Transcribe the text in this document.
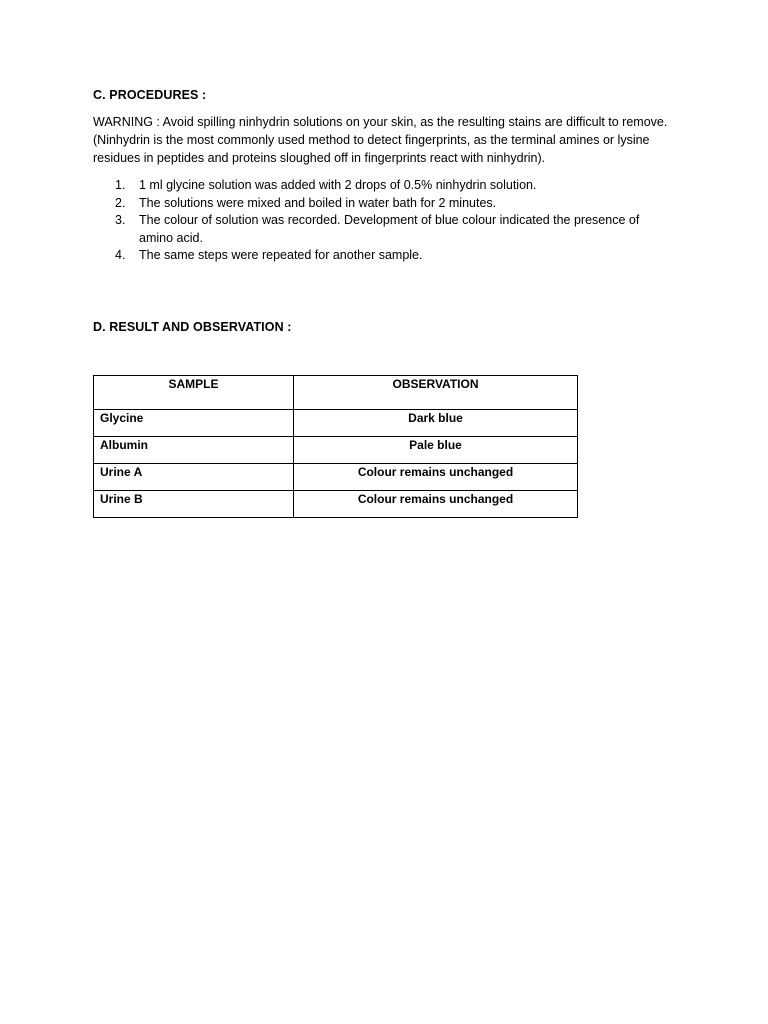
C. PROCEDURES :
WARNING : Avoid spilling ninhydrin solutions on your skin, as the resulting stains are difficult to remove. (Ninhydrin is the most commonly used method to detect fingerprints, as the terminal amines or lysine residues in peptides and proteins sloughed off in fingerprints react with ninhydrin).
1. 1 ml glycine solution was added with 2 drops of 0.5% ninhydrin solution.
2. The solutions were mixed and boiled in water bath for 2 minutes.
3. The colour of solution was recorded. Development of blue colour indicated the presence of amino acid.
4. The same steps were repeated for another sample.
D. RESULT AND OBSERVATION :
SAMPLE	OBSERVATION
Glycine	Dark blue
Albumin	Pale blue
Urine A	Colour remains unchanged
Urine B	Colour remains unchanged
